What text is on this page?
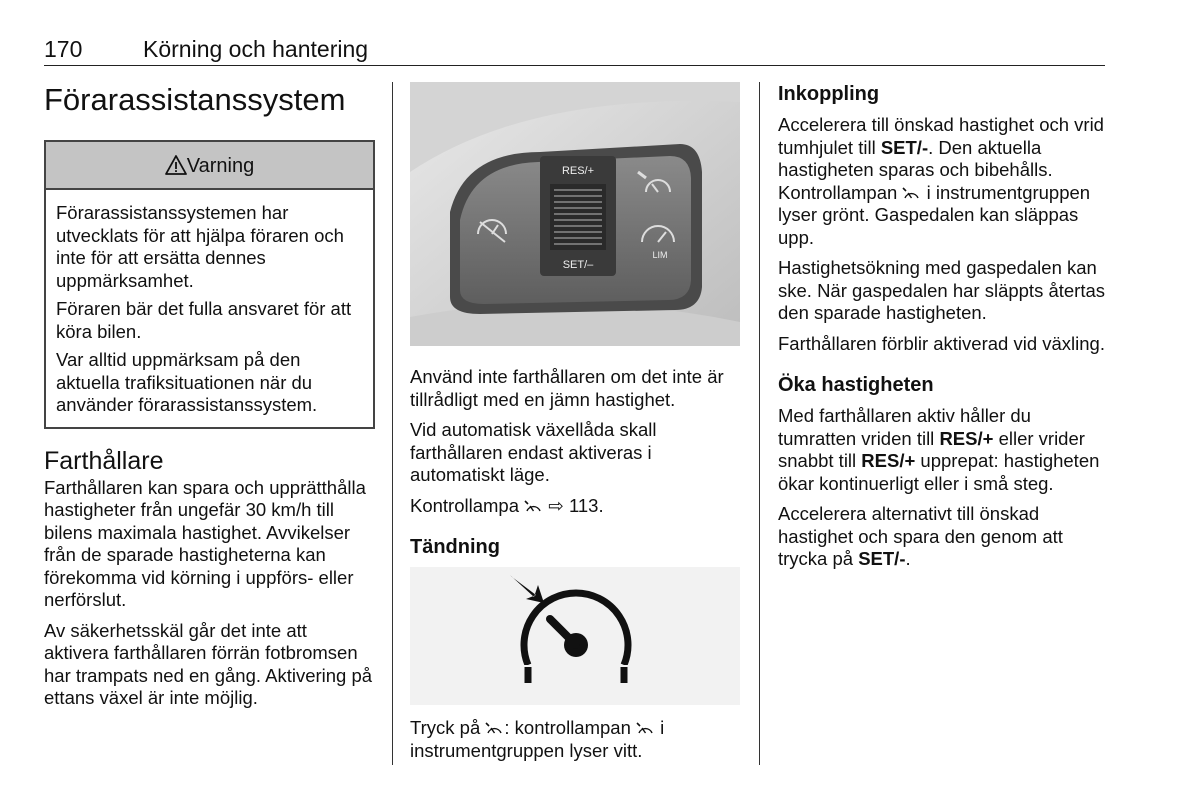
170	Körning och hantering
Förarassistanssystem
Varning

Förarassistanssystemen har utvecklats för att hjälpa föraren och inte för att ersätta dennes uppmärksamhet.

Föraren bär det fulla ansvaret för att köra bilen.

Var alltid uppmärksam på den aktuella trafiksituationen när du använder förarassistanssystem.

Farthållare

Farthållaren kan spara och upprätthålla hastigheter från ungefär 30 km/h till bilens maximala hastighet. Avvikelser från de sparade hastigheterna kan förekomma vid körning i uppförs- eller nerförslut.

Av säkerhetsskäl går det inte att aktivera farthållaren förrän fotbromsen har trampats ned en gång. Aktivering på ettans växel är inte möjlig.

RES/+
SET/–
LIM

Använd inte farthållaren om det inte är tillrådligt med en jämn hastighet.

Vid automatisk växellåda skall farthållaren endast aktiveras i automatiskt läge.

Kontrollampa ⇨ 113.

Tändning

Tryck på : kontrollampan i instrumentgruppen lyser vitt.

Inkoppling

Accelerera till önskad hastighet och vrid tumhjulet till SET/-. Den aktuella hastigheten sparas och bibehålls. Kontrollampan i instrumentgruppen lyser grönt. Gaspedalen kan släppas upp.

Hastighetsökning med gaspedalen kan ske. När gaspedalen har släppts återtas den sparade hastigheten.

Farthållaren förblir aktiverad vid växling.

Öka hastigheten

Med farthållaren aktiv håller du tumratten vriden till RES/+ eller vrider snabbt till RES/+ upprepat: hastigheten ökar kontinuerligt eller i små steg.

Accelerera alternativt till önskad hastighet och spara den genom att trycka på SET/-.
